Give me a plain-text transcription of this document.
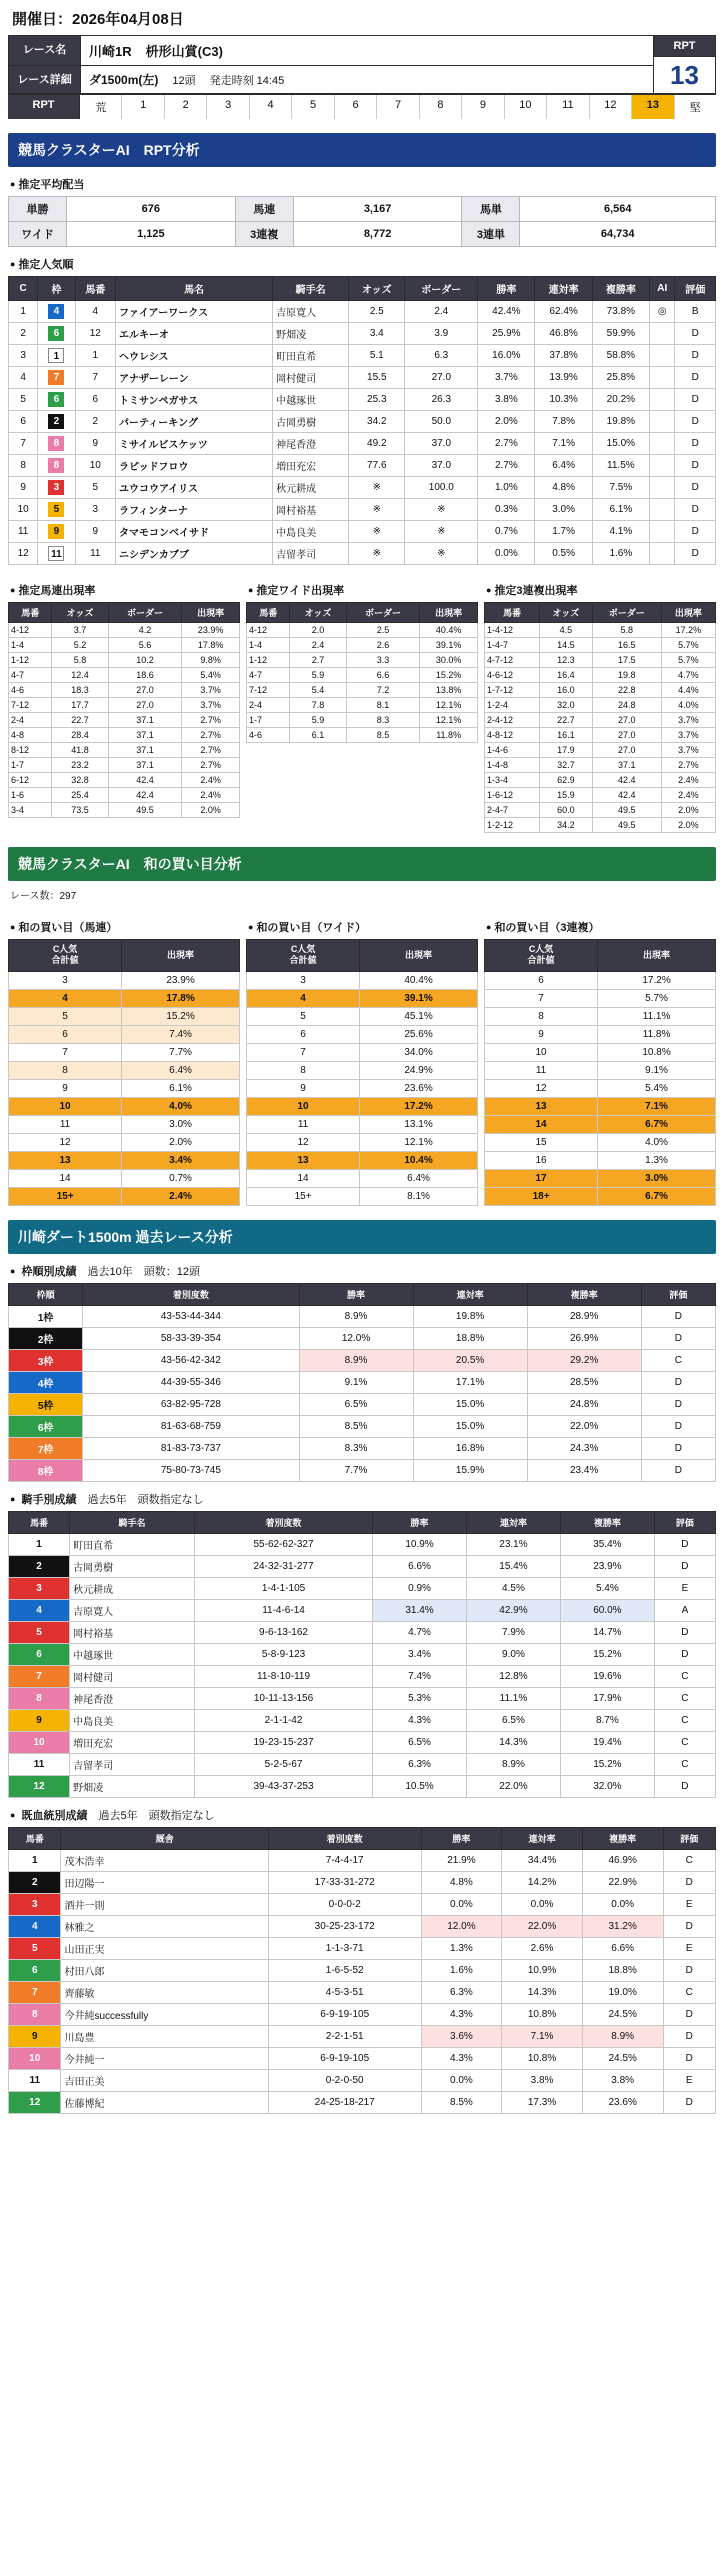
開催日：2026年04月08日
レース名	川崎1R 枡形山賞(C3)
レース詳細	ダ1500m(左) 12頭 発走時刻 14:45
RPT
13
RPT	荒	1	2	3	4	5	6	7	8	9	10	11	12	13	堅
競馬クラスターAI　RPT分析
● 推定平均配当
単勝	676	馬連	3,167	馬単	6,564
ワイド	1,125	3連複	8,772	3連単	64,734
● 推定人気順
C	枠	馬番	馬名	騎手名	オッズ	ボーダー	勝率	連対率	複勝率	AI	評価
1	4	4	ファイアーワークス	吉原寛人	2.5	2.4	42.4%	62.4%	73.8%	◎	B
2	6	12	エルキーオ	野畑凌	3.4	3.9	25.9%	46.8%	59.9%		D
3	1	1	ヘウレシス	町田直希	5.1	6.3	16.0%	37.8%	58.8%		D
4	7	7	アナザーレーン	岡村健司	15.5	27.0	3.7%	13.9%	25.8%		D
5	6	6	トミサンペガサス	中越琢世	25.3	26.3	3.8%	10.3%	20.2%		D
6	2	2	パーティーキング	古岡勇樹	34.2	50.0	2.0%	7.8%	19.8%		D
7	8	9	ミサイルビスケッツ	神尾香澄	49.2	37.0	2.7%	7.1%	15.0%		D
8	8	10	ラピッドフロウ	増田充宏	77.6	37.0	2.7%	6.4%	11.5%		D
9	3	5	ユウコウアイリス	秋元耕成	※	100.0	1.0%	4.8%	7.5%		D
10	5	3	ラフィンターナ	岡村裕基	※	※	0.3%	3.0%	6.1%		D
11	9	9	タマモコンベイサド	中島良美	※	※	0.7%	1.7%	4.1%		D
12	11	11	ニシデンカブブ	吉留孝司	※	※	0.0%	0.5%	1.6%		D
● 推定馬連出現率
馬番	オッズ	ボーダー	出現率
4-12	3.7	4.2	23.9%
1-4	5.2	5.6	17.8%
1-12	5.8	10.2	9.8%
4-7	12.4	18.6	5.4%
4-6	18.3	27.0	3.7%
7-12	17.7	27.0	3.7%
2-4	22.7	37.1	2.7%
4-8	28.4	37.1	2.7%
8-12	41.8	37.1	2.7%
1-7	23.2	37.1	2.7%
6-12	32.8	42.4	2.4%
1-6	25.4	42.4	2.4%
3-4	73.5	49.5	2.0%
● 推定ワイド出現率
馬番	オッズ	ボーダー	出現率
4-12	2.0	2.5	40.4%
1-4	2.4	2.6	39.1%
1-12	2.7	3.3	30.0%
4-7	5.9	6.6	15.2%
7-12	5.4	7.2	13.8%
2-4	7.8	8.1	12.1%
1-7	5.9	8.3	12.1%
4-6	6.1	8.5	11.8%
● 推定3連複出現率
馬番	オッズ	ボーダー	出現率
1-4-12	4.5	5.8	17.2%
1-4-7	14.5	16.5	5.7%
4-7-12	12.3	17.5	5.7%
4-6-12	16.4	19.8	4.7%
1-7-12	16.0	22.8	4.4%
1-2-4	32.0	24.8	4.0%
2-4-12	22.7	27.0	3.7%
4-8-12	16.1	27.0	3.7%
1-4-6	17.9	27.0	3.7%
1-4-8	32.7	37.1	2.7%
1-3-4	62.9	42.4	2.4%
1-6-12	15.9	42.4	2.4%
2-4-7	60.0	49.5	2.0%
1-2-12	34.2	49.5	2.0%
競馬クラスターAI　和の買い目分析
レース数：297
● 和の買い目（馬連）
C人気
合計値	出現率
3	23.9%
4	17.8%
5	15.2%
6	7.4%
7	7.7%
8	6.4%
9	6.1%
10	4.0%
11	3.0%
12	2.0%
13	3.4%
14	0.7%
15+	2.4%
● 和の買い目（ワイド）
C人気
合計値	出現率
3	40.4%
4	39.1%
5	45.1%
6	25.6%
7	34.0%
8	24.9%
9	23.6%
10	17.2%
11	13.1%
12	12.1%
13	10.4%
14	6.4%
15+	8.1%
● 和の買い目（3連複）
C人気
合計値	出現率
6	17.2%
7	5.7%
8	11.1%
9	11.8%
10	10.8%
11	9.1%
12	5.4%
13	7.1%
14	6.7%
15	4.0%
16	1.3%
17	3.0%
18+	6.7%
川崎ダート1500m 過去レース分析
● 枠順別成績　 過去10年　頭数：12頭
枠順	着別度数	勝率	連対率	複勝率	評価
1枠	43-53-44-344	8.9%	19.8%	28.9%	D
2枠	58-33-39-354	12.0%	18.8%	26.9%	D
3枠	43-56-42-342	8.9%	20.5%	29.2%	C
4枠	44-39-55-346	9.1%	17.1%	28.5%	D
5枠	63-82-95-728	6.5%	15.0%	24.8%	D
6枠	81-63-68-759	8.5%	15.0%	22.0%	D
7枠	81-83-73-737	8.3%	16.8%	24.3%	D
8枠	75-80-73-745	7.7%	15.9%	23.4%	D
● 騎手別成績　 過去5年　頭数指定なし
馬番	騎手名	着別度数	勝率	連対率	複勝率	評価
1	町田直希	55-62-62-327	10.9%	23.1%	35.4%	D
2	古岡勇樹	24-32-31-277	6.6%	15.4%	23.9%	D
3	秋元耕成	1-4-1-105	0.9%	4.5%	5.4%	E
4	吉原寛人	11-4-6-14	31.4%	42.9%	60.0%	A
5	岡村裕基	9-6-13-162	4.7%	7.9%	14.7%	D
6	中越琢世	5-8-9-123	3.4%	9.0%	15.2%	D
7	岡村健司	11-8-10-119	7.4%	12.8%	19.6%	C
8	神尾香澄	10-11-13-156	5.3%	11.1%	17.9%	C
9	中島良美	2-1-1-42	4.3%	6.5%	8.7%	C
10	増田充宏	19-23-15-237	6.5%	14.3%	19.4%	C
11	吉留孝司	5-2-5-67	6.3%	8.9%	15.2%	C
12	野畑凌	39-43-37-253	10.5%	22.0%	32.0%	D
● 既血統別成績　 過去5年　頭数指定なし
馬番	厩舎	着別度数	勝率	連対率	複勝率	評価
1	茂木浩幸	7-4-4-17	21.9%	34.4%	46.9%	C
2	田辺陽一	17-33-31-272	4.8%	14.2%	22.9%	D
3	酒井一則	0-0-0-2	0.0%	0.0%	0.0%	E
4	林雅之	30-25-23-172	12.0%	22.0%	31.2%	D
5	山田正実	1-1-3-71	1.3%	2.6%	6.6%	E
6	村田八郎	1-6-5-52	1.6%	10.9%	18.8%	D
7	齊藤敏	4-5-3-51	6.3%	14.3%	19.0%	C
8	今井純successfully	6-9-19-105	4.3%	10.8%	24.5%	D
9	川島豊	2-2-1-51	3.6%	7.1%	8.9%	D
10	今井純一	6-9-19-105	4.3%	10.8%	24.5%	D
11	吉田正美	0-2-0-50	0.0%	3.8%	3.8%	E
12	佐藤博紀	24-25-18-217	8.5%	17.3%	23.6%	D
